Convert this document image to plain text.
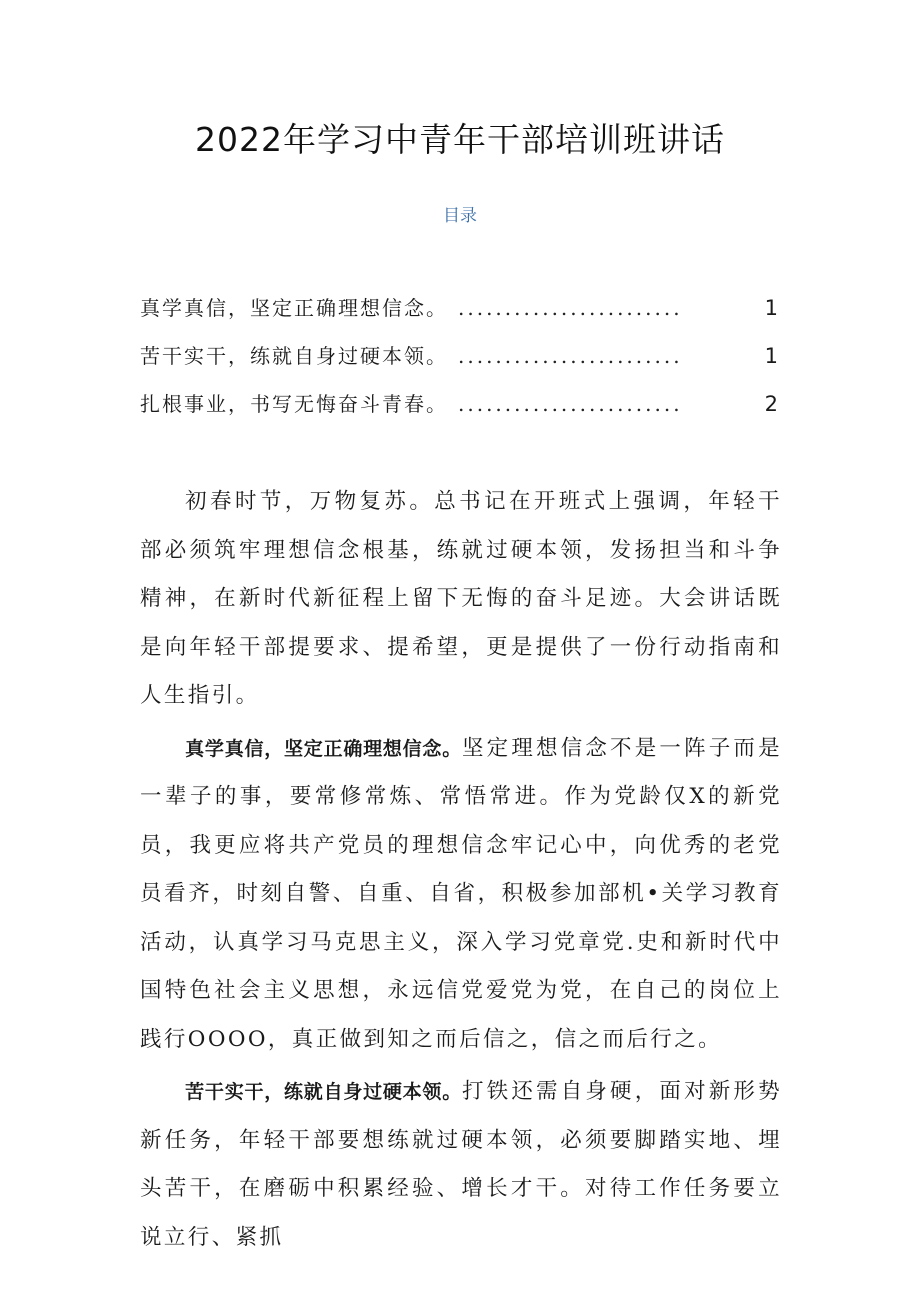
2022年学习中青年干部培训班讲话
目录
真学真信，坚定正确理想信念。 ........................	1
苦干实干，练就自身过硬本领。 ........................	1
扎根事业，书写无悔奋斗青春。 ........................	2

初春时节，万物复苏。总书记在开班式上强调，年轻干部必须筑牢理想信念根基，练就过硬本领，发扬担当和斗争精神，在新时代新征程上留下无悔的奋斗足迹。大会讲话既是向年轻干部提要求、提希望，更是提供了一份行动指南和人生指引。

真学真信，坚定正确理想信念。坚定理想信念不是一阵子而是一辈子的事，要常修常炼、常悟常进。作为党龄仅X的新党员，我更应将共产党员的理想信念牢记心中，向优秀的老党员看齐，时刻自警、自重、自省，积极参加部机•关学习教育活动，认真学习马克思主义，深入学习党章党.史和新时代中国特色社会主义思想，永远信党爱党为党，在自己的岗位上践行OOOO，真正做到知之而后信之，信之而后行之。

苦干实干，练就自身过硬本领。打铁还需自身硬，面对新形势新任务，年轻干部要想练就过硬本领，必须要脚踏实地、埋头苦干，在磨砺中积累经验、增长才干。对待工作任务要立说立行、紧抓
